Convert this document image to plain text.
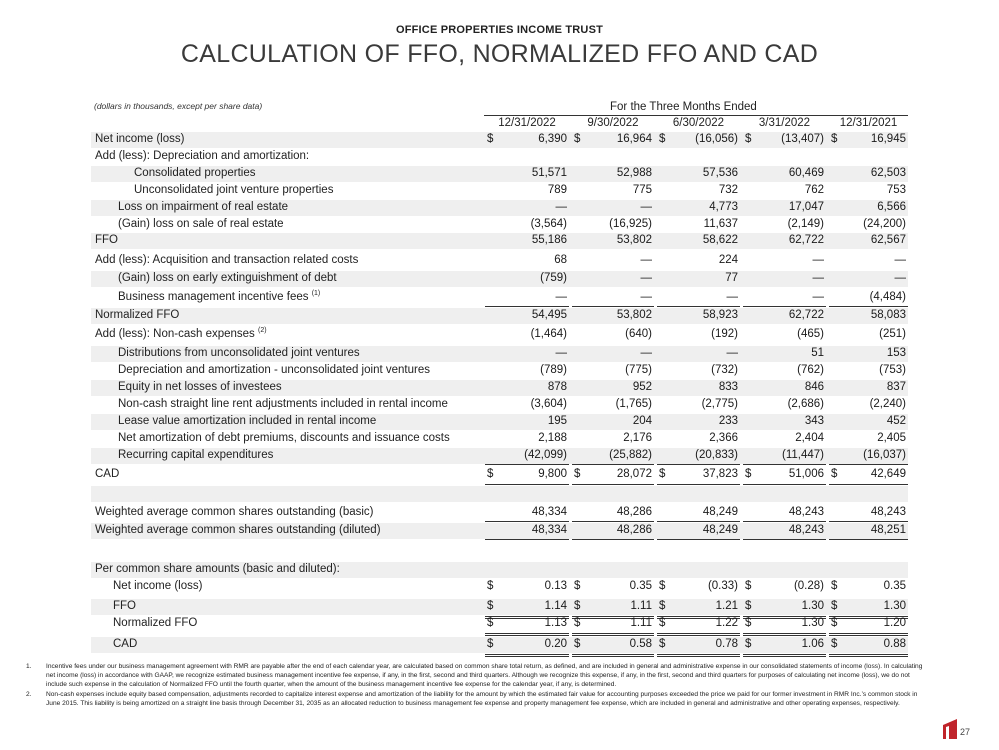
OFFICE PROPERTIES INCOME TRUST
CALCULATION OF FFO, NORMALIZED FFO AND CAD
(dollars in thousands, except per share data)	For the Three Months Ended
12/31/2022	9/30/2022	6/30/2022	3/31/2022	12/31/2021
Net income (loss)	$	6,390 $	16,964 $	(16,056) $	(13,407) $	16,945
Add (less): Depreciation and amortization:
Consolidated properties	51,571	52,988	57,536	60,469	62,503
Unconsolidated joint venture properties	789	775	732	762	753
Loss on impairment of real estate	—	—	4,773	17,047	6,566
(Gain) loss on sale of real estate	(3,564)	(16,925)	11,637	(2,149)	(24,200)
FFO	55,186	53,802	58,622	62,722	62,567
Add (less): Acquisition and transaction related costs	68	—	224	—	—
(Gain) loss on early extinguishment of debt	(759)	—	77	—	—
Business management incentive fees $^{(1)}$	—	—	—	—	(4,484)
Normalized FFO	54,495	53,802	58,923	62,722	58,083
Add (less): Non-cash expenses $^{(2)}$	(1,464)	(640)	(192)	(465)	(251)
Distributions from unconsolidated joint ventures	—	—	—	51	153
Depreciation and amortization - unconsolidated joint ventures	(789)	(775)	(732)	(762)	(753)
Equity in net losses of investees	878	952	833	846	837
Non-cash straight line rent adjustments included in rental income	(3,604)	(1,765)	(2,775)	(2,686)	(2,240)
Lease value amortization included in rental income	195	204	233	343	452
Net amortization of debt premiums, discounts and issuance costs	2,188	2,176	2,366	2,404	2,405
Recurring capital expenditures	(42,099)	(25,882)	(20,833)	(11,447)	(16,037)
CAD	$	9,800 $	28,072 $	37,823 $	51,006 $	42,649
Weighted average common shares outstanding (basic)	48,334	48,286	48,249	48,243	48,243
Weighted average common shares outstanding (diluted)	48,334	48,286	48,249	48,243	48,251
Per common share amounts (basic and diluted):
Net income (loss)	$	0.13 $	0.35 $	(0.33) $	(0.28) $	0.35
FFO	$	1.14 $	1.11 $	1.21 $	1.30 $	1.30
Normalized FFO	$	1.13 $	1.11 $	1.22 $	1.30 $	1.20
CAD	$	0.20 $	0.58 $	0.78 $	1.06 $	0.88
1. Incentive fees under our business management agreement with RMR are payable after the end of each calendar year, are calculated based on common share total return, as defined, and are included in general and administrative expense in our consolidated statements of income (loss). In calculating net income (loss) in accordance with GAAP, we recognize estimated business management incentive fee expense, if any, in the first, second and third quarters. Although we recognize this expense, if any, in the first, second and third quarters for purposes of calculating net income (loss), we do not include such expense in the calculation of Normalized FFO until the fourth quarter, when the amount of the business management incentive fee expense for the calendar year, if any, is determined.
2. Non-cash expenses include equity based compensation, adjustments recorded to capitalize interest expense and amortization of the liability for the amount by which the estimated fair value for accounting purposes exceeded the price we paid for our former investment in RMR Inc.’s common stock in June 2015. This liability is being amortized on a straight line basis through December 31, 2035 as an allocated reduction to business management fee expense and property management fee expense, which are included in general and administrative and other operating expenses, respectively.
27
